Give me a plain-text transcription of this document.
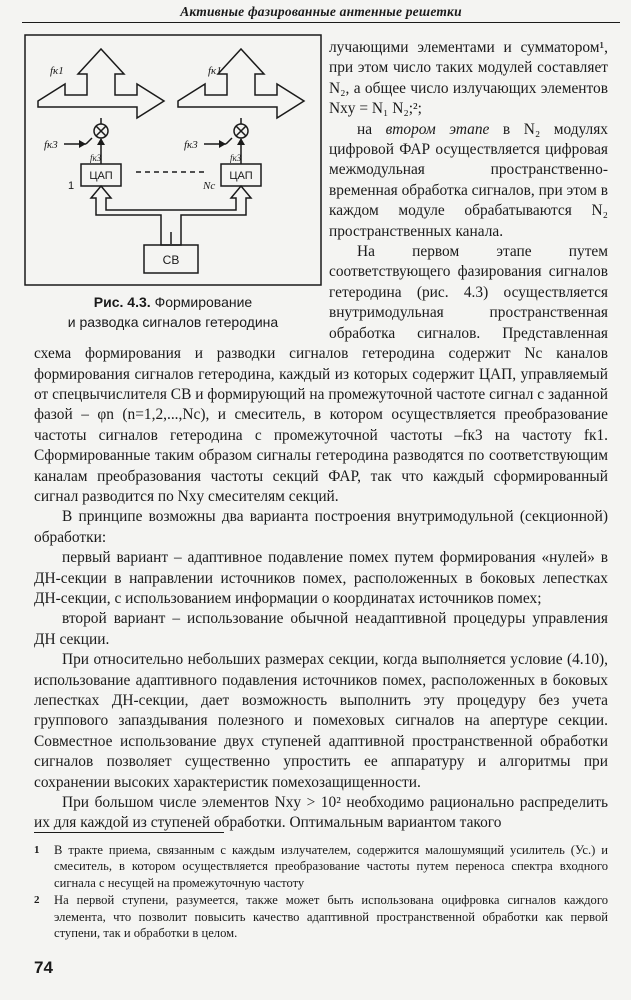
Активные фазированные антенные решетки
fк1	fк1
fк3	fк3
fк3	fк3
Nс
1
ЦАП	ЦАП
СВ
Рис. 4.3. Формирование
и разводка сигналов гетеродина

лучающими элементами и сумматором¹, при этом число таких модулей составляет N₂, а общее число излучающих элементов Nxy = N₁ N₂;²;

на втором этапе в N₂ модулях цифровой ФАР осуществляется цифровая межмодульная пространственно-временная обработка сигналов, при этом в каждом модуле обрабатываются N₂ пространственных канала.

На первом этапе путем соответствующего фазирования сигналов гетеродина (рис. 4.3) осуществляется внутримодульная пространственная обработка сигналов. Представленная схема формирования и разводки сигналов гетеродина содержит Nc каналов формирования сигналов гетеродина, каждый из которых содержит ЦАП, управляемый от спецвычислителя СВ и формирующий на промежуточной частоте сигнал с заданной фазой – φn (n=1,2,...,Nc), и смеситель, в котором осуществляется преобразование частоты сигналов гетеродина с промежуточной частоты –fк3 на частоту fк1. Сформированные таким образом сигналы гетеродина разводятся по соответствующим каналам преобразования частоты секций ФАР, так что каждый сформированный сигнал разводится по Nxy смесителям секций.

В принципе возможны два варианта построения внутримодульной (секционной) обработки:

первый вариант – адаптивное подавление помех путем формирования «нулей» в ДН-секции в направлении источников помех, расположенных в боковых лепестках ДН-секции, с использованием информации о координатах источников помех;

второй вариант – использование обычной неадаптивной процедуры управления ДН секции.

При относительно небольших размерах секции, когда выполняется условие (4.10), использование адаптивного подавления источников помех, расположенных в боковых лепестках ДН-секции, дает возможность выполнить эту процедуру без учета группового запаздывания полезного и помеховых сигналов на апертуре секции. Совместное использование двух ступеней адаптивной пространственной обработки сигналов позволяет существенно упростить ее аппаратуру и алгоритмы при сохранении высоких характеристик помехозащищенности.

При большом числе элементов Nxy > 10² необходимо рационально распределить их для каждой из ступеней обработки. Оптимальным вариантом такого

1	В тракте приема, связанным с каждым излучателем, содержится малошумящий усилитель (Ус.) и смеситель, в котором осуществляется преобразование частоты путем переноса спектра входного сигнала с несущей на промежуточную частоту
2	На первой ступени, разумеется, также может быть использована оцифровка сигналов каждого элемента, что позволит повысить качество адаптивной пространственной обработки как первой ступени, так и обработки в целом.
74
